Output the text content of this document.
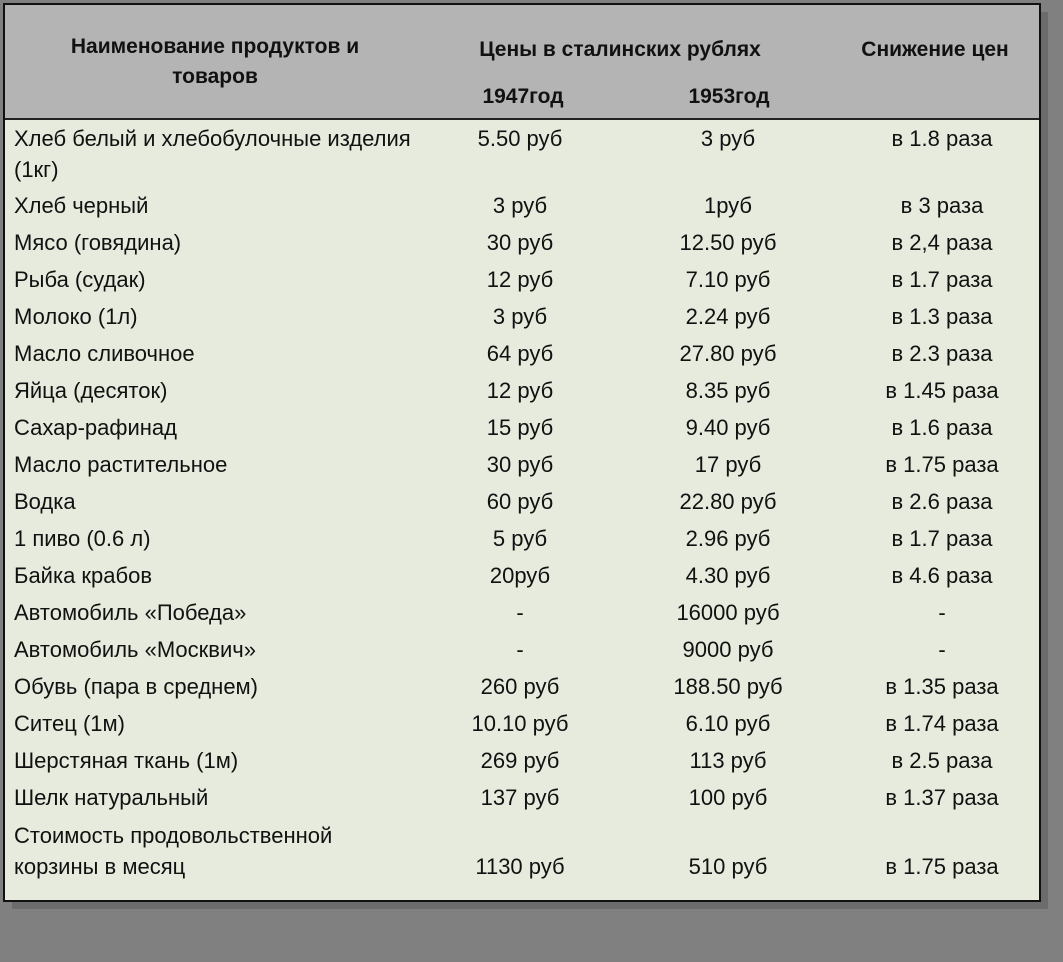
Наименование продуктов и товаров
Цены в сталинских рублях
1947год	1953год
Снижение цен
Хлеб белый и хлебобулочные изделия (1кг)	5.50 руб	3 руб	в 1.8 раза
Хлеб черный	3 руб	1руб	в 3 раза
Мясо (говядина)	30 руб	12.50 руб	в 2,4 раза
Рыба (судак)	12 руб	7.10 руб	в 1.7 раза
Молоко (1л)	3 руб	2.24 руб	в 1.3 раза
Масло сливочное	64 руб	27.80 руб	в 2.3 раза
Яйца (десяток)	12 руб	8.35 руб	в 1.45 раза
Сахар-рафинад	15 руб	9.40 руб	в 1.6 раза
Масло растительное	30 руб	17 руб	в 1.75 раза
Водка	60 руб	22.80 руб	в 2.6 раза
1 пиво (0.6 л)	5 руб	2.96 руб	в 1.7 раза
Байка крабов	20руб	4.30 руб	в 4.6 раза
Автомобиль «Победа»	-	16000 руб	-
Автомобиль «Москвич»	-	9000 руб	-
Обувь (пара в среднем)	260 руб	188.50 руб	в 1.35 раза
Ситец (1м)	10.10 руб	6.10 руб	в 1.74 раза
Шерстяная ткань (1м)	269 руб	113 руб	в 2.5 раза
Шелк натуральный	137 руб	100 руб	в 1.37 раза
Стоимость продовольственной корзины в месяц	1130 руб	510 руб	в 1.75 раза
